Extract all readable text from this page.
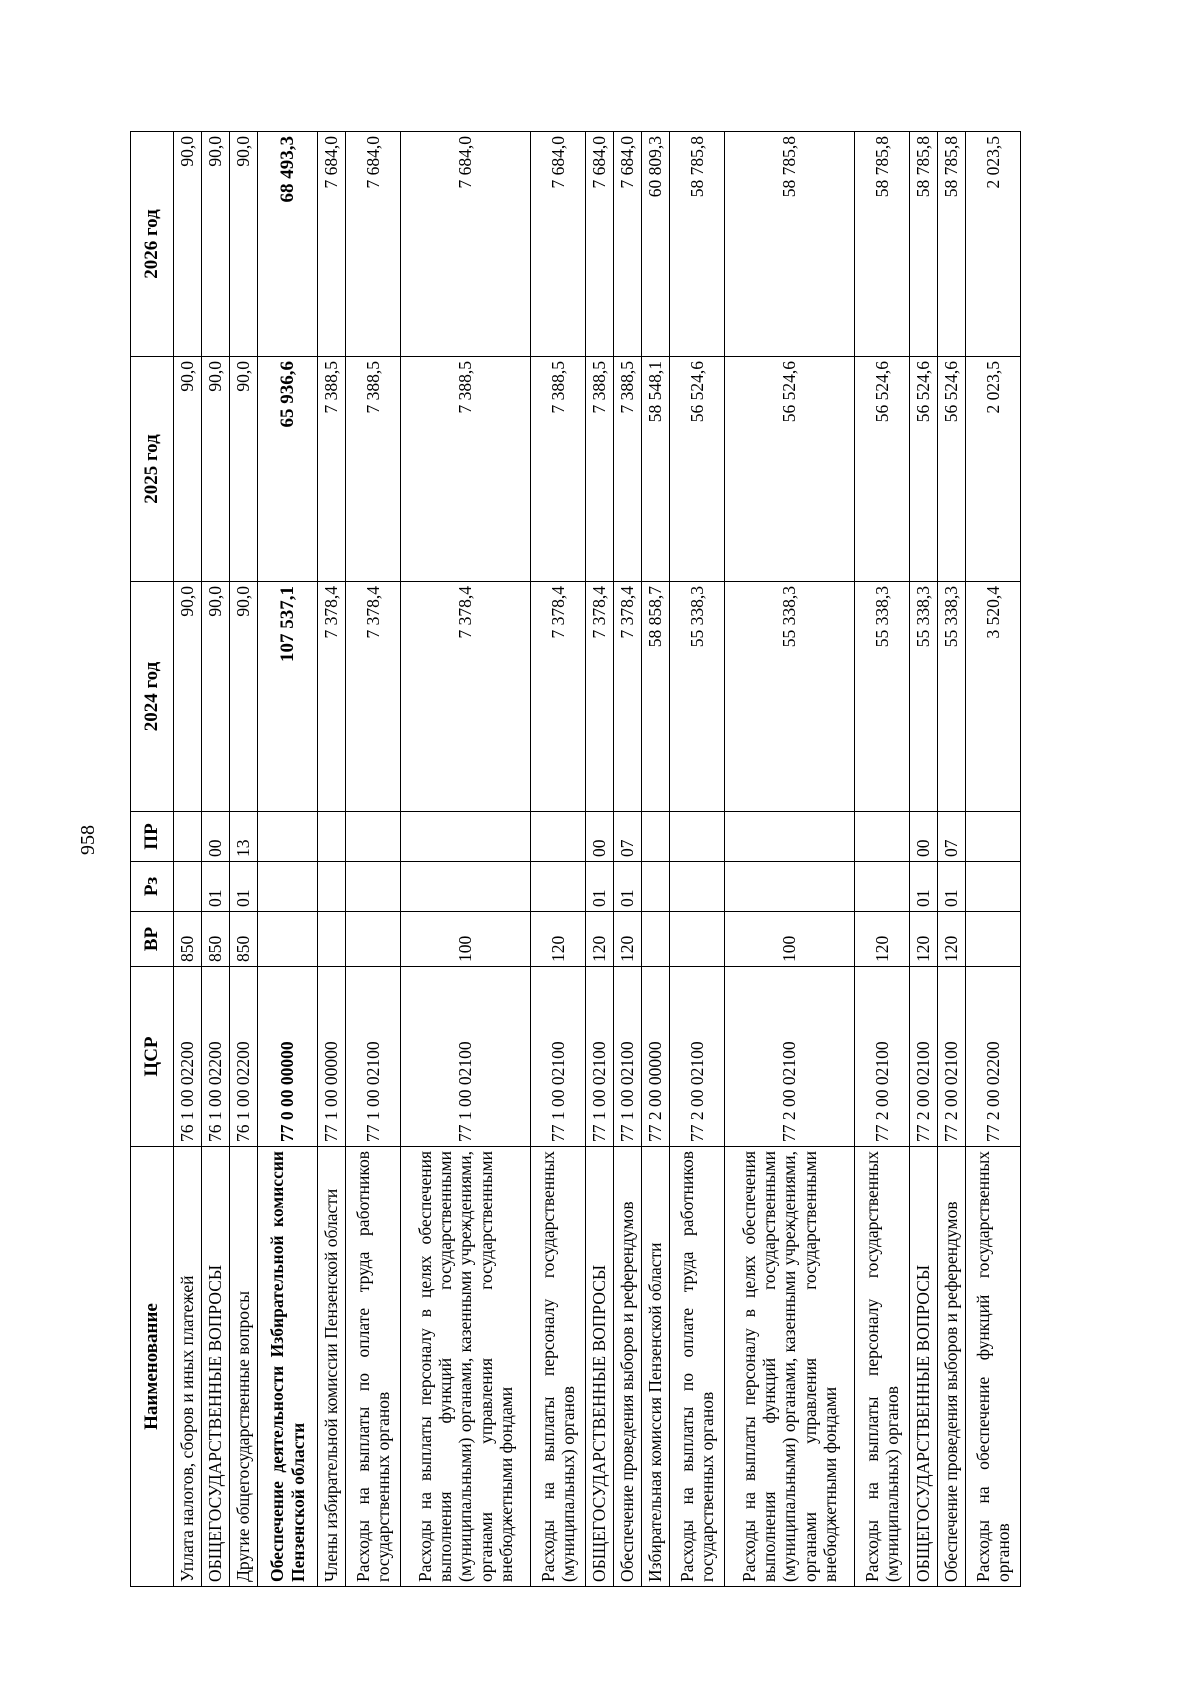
958
Наименование	ЦСР	ВР	Рз	ПР	2024 год	2025 год	2026 год
Уплата налогов, сборов и иных платежей	76 1 00 02200	850			90,0	90,0	90,0
ОБЩЕГОСУДАРСТВЕННЫЕ ВОПРОСЫ	76 1 00 02200	850	01	00	90,0	90,0	90,0
Другие общегосударственные вопросы	76 1 00 02200	850	01	13	90,0	90,0	90,0
Обеспечение деятельности Избирательной комиссии Пензенской области	77 0 00 00000				107 537,1	65 936,6	68 493,3
Члены избирательной комиссии Пензенской области	77 1 00 00000				7 378,4	7 388,5	7 684,0
Расходы на выплаты по оплате труда работников государственных органов	77 1 00 02100				7 378,4	7 388,5	7 684,0
Расходы на выплаты персоналу в целях обеспечения выполнения функций государственными (муниципальными) органами, казенными учреждениями, органами управления государственными внебюджетными фондами	77 1 00 02100	100			7 378,4	7 388,5	7 684,0
Расходы на выплаты персоналу государственных (муниципальных) органов	77 1 00 02100	120			7 378,4	7 388,5	7 684,0
ОБЩЕГОСУДАРСТВЕННЫЕ ВОПРОСЫ	77 1 00 02100	120	01	00	7 378,4	7 388,5	7 684,0
Обеспечение проведения выборов и референдумов	77 1 00 02100	120	01	07	7 378,4	7 388,5	7 684,0
Избирательная комиссия Пензенской области	77 2 00 00000				58 858,7	58 548,1	60 809,3
Расходы на выплаты по оплате труда работников государственных органов	77 2 00 02100				55 338,3	56 524,6	58 785,8
Расходы на выплаты персоналу в целях обеспечения выполнения функций государственными (муниципальными) органами, казенными учреждениями, органами управления государственными внебюджетными фондами	77 2 00 02100	100			55 338,3	56 524,6	58 785,8
Расходы на выплаты персоналу государственных (муниципальных) органов	77 2 00 02100	120			55 338,3	56 524,6	58 785,8
ОБЩЕГОСУДАРСТВЕННЫЕ ВОПРОСЫ	77 2 00 02100	120	01	00	55 338,3	56 524,6	58 785,8
Обеспечение проведения выборов и референдумов	77 2 00 02100	120	01	07	55 338,3	56 524,6	58 785,8
Расходы на обеспечение функций государственных органов	77 2 00 02200				3 520,4	2 023,5	2 023,5
